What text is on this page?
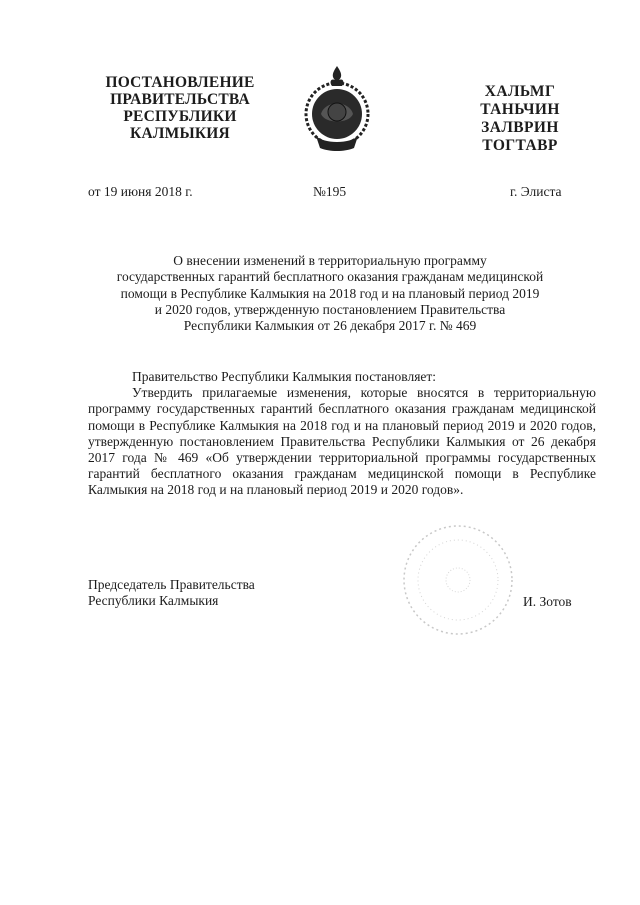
ПОСТАНОВЛЕНИЕ
ПРАВИТЕЛЬСТВА
РЕСПУБЛИКИ
КАЛМЫКИЯ
ХАЛЬМГ
ТАНЬЧИН
ЗАЛВРИН
ТОГТАВР
от 19 июня 2018 г.	№195	г. Элиста
О внесении изменений в территориальную программу
государственных гарантий бесплатного оказания гражданам медицинской
помощи в Республике Калмыкия на 2018 год и на плановый период 2019
и 2020 годов, утвержденную постановлением Правительства
Республики Калмыкия от 26 декабря 2017 г. № 469

Правительство Республики Калмыкия постановляет:

Утвердить прилагаемые изменения, которые вносятся в территориальную программу государственных гарантий бесплатного оказания гражданам медицинской помощи в Республике Калмыкия на 2018 год и на плановый период 2019 и 2020 годов, утвержденную постановлением Правительства Республики Калмыкия от 26 декабря 2017 года № 469 «Об утверждении территориальной программы государственных гарантий бесплатного оказания гражданам медицинской помощи в Республике Калмыкия на 2018 год и на плановый период 2019 и 2020 годов».

Председатель Правительства
Республики Калмыкия	И. Зотов
